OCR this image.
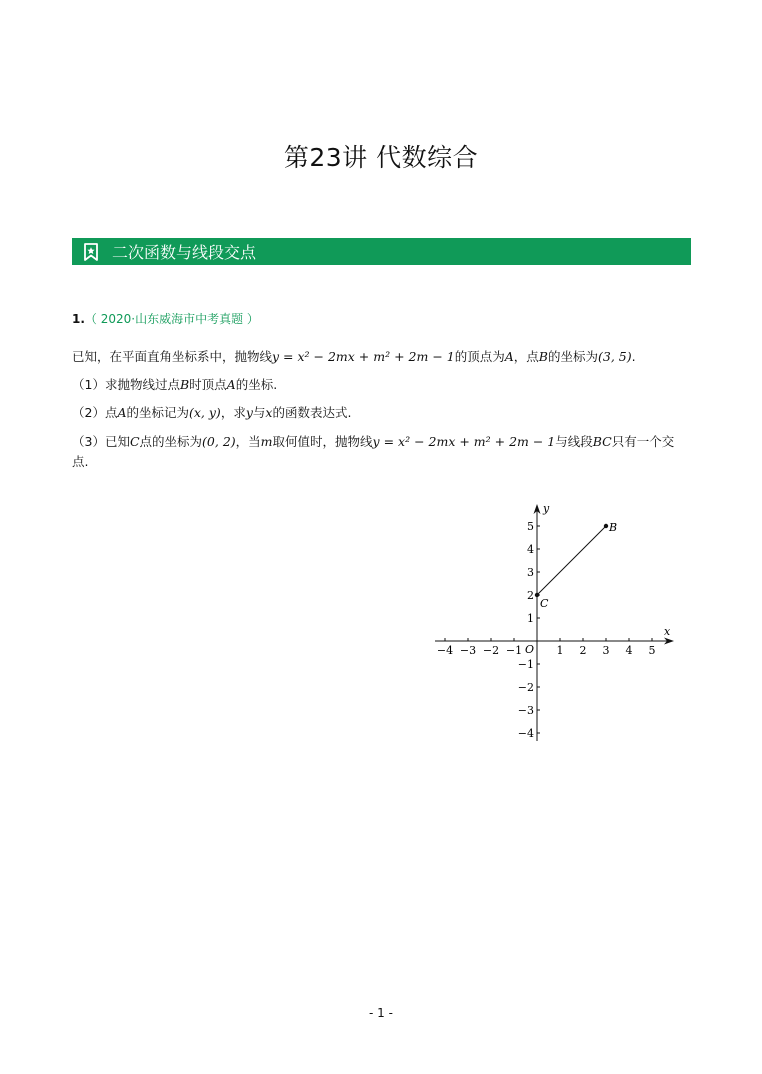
第23讲 代数综合
二次函数与线段交点
1.（ 2020·山东威海市中考真题 ）
已知，在平面直角坐标系中，抛物线y = x² − 2mx + m² + 2m − 1的顶点为A，点B的坐标为(3, 5).
（1）求抛物线过点B时顶点A的坐标.
（2）点A的坐标记为(x, y)，求y与x的函数表达式.
（3）已知C点的坐标为(0, 2)，当m取何值时，抛物线y = x² − 2mx + m² + 2m − 1与线段BC只有一个交
点.
x
y
O
−4 −3 −2 −1	1 2 3 4 5
−4
−3
−2
−1
1
2
3
4
5	B
C
- 1 -
